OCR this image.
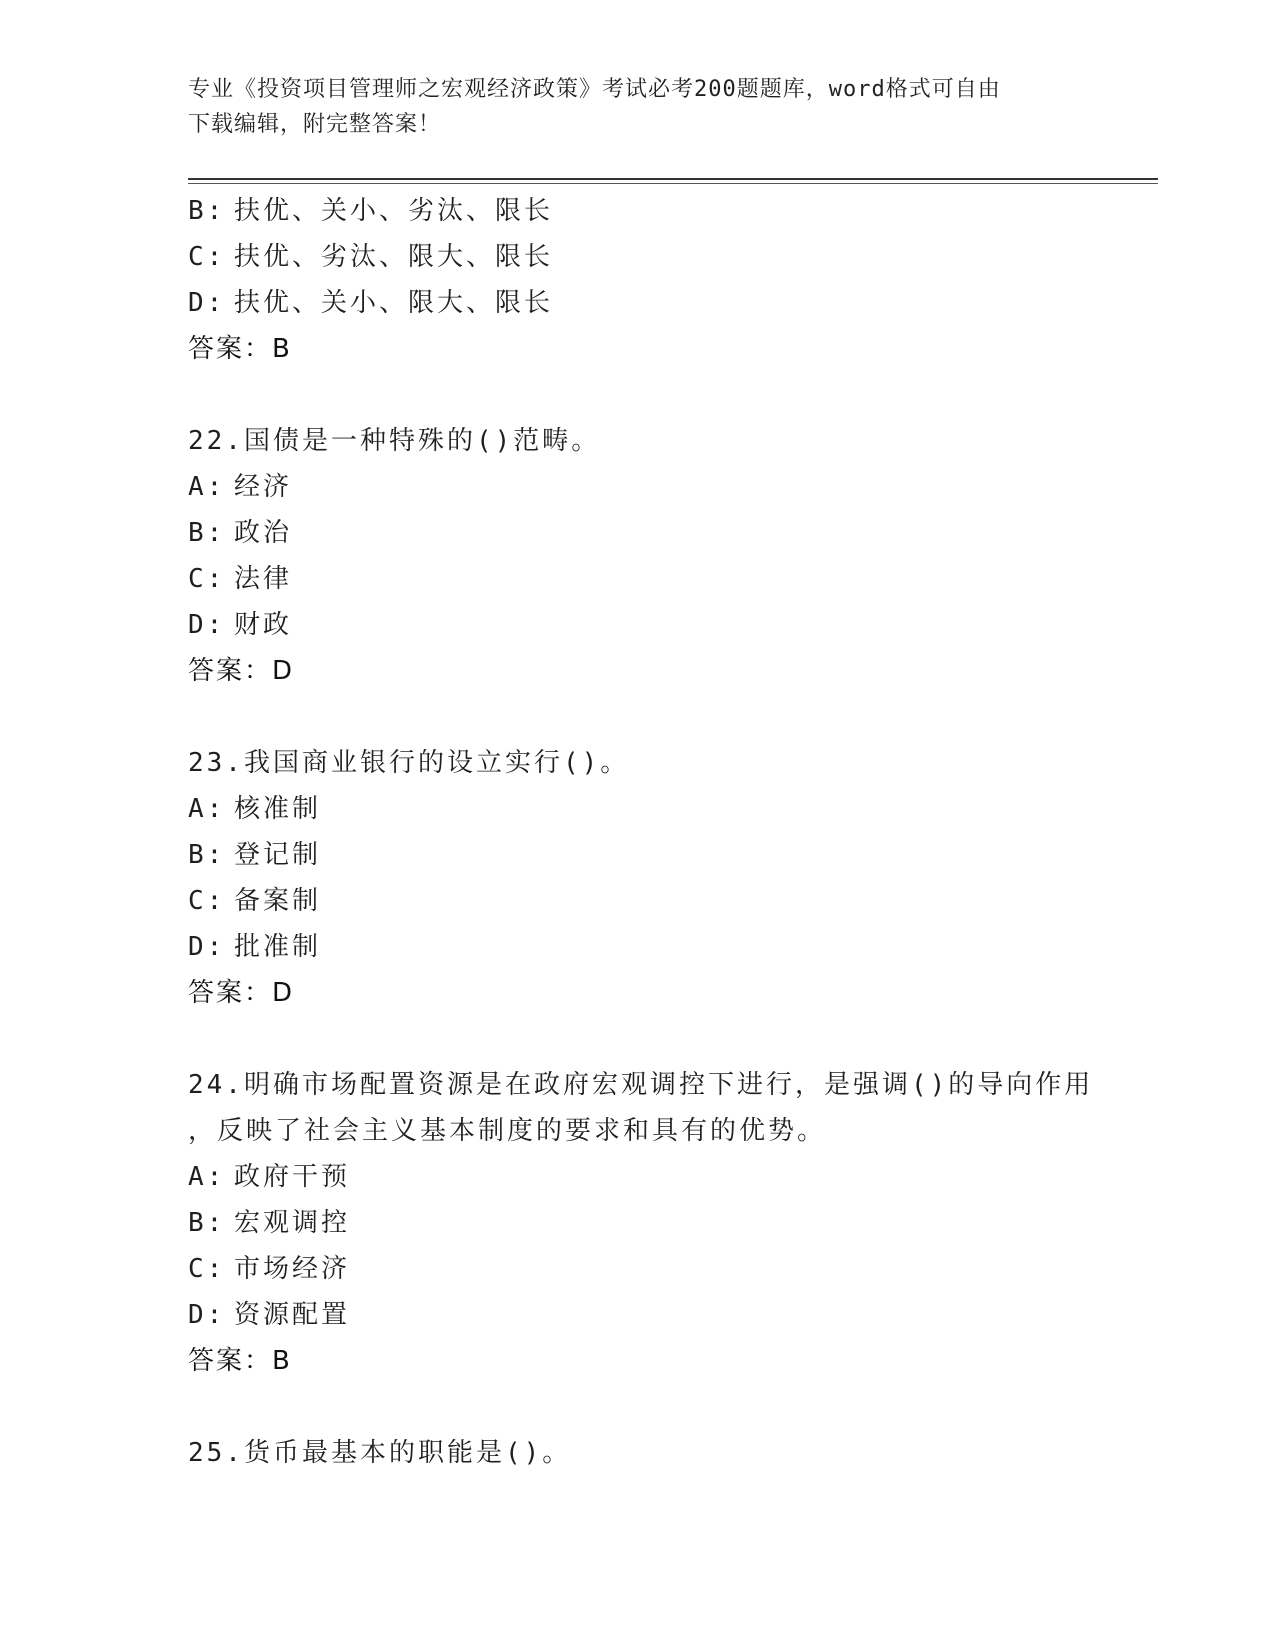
专业《投资项目管理师之宏观经济政策》考试必考200题题库，word格式可自由
下载编辑，附完整答案！
B: 扶优、关小、劣汰、限长
C: 扶优、劣汰、限大、限长
D: 扶优、关小、限大、限长
答案：B
22.国债是一种特殊的()范畴。
A: 经济
B: 政治
C: 法律
D: 财政
答案：D
23.我国商业银行的设立实行()。
A: 核准制
B: 登记制
C: 备案制
D: 批准制
答案：D
24.明确市场配置资源是在政府宏观调控下进行，是强调()的导向作用
，反映了社会主义基本制度的要求和具有的优势。
A: 政府干预
B: 宏观调控
C: 市场经济
D: 资源配置
答案：B
25.货币最基本的职能是()。
